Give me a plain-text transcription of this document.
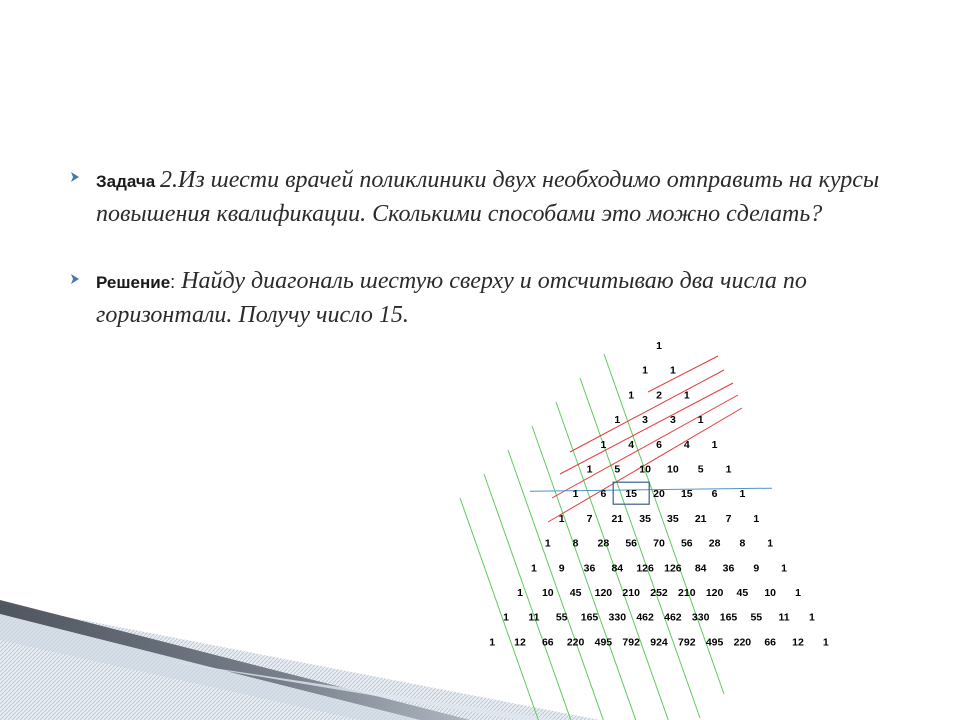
Задача 2.Из шести врачей поликлиники двух необходимо отправить на курсы повышения квалификации. Сколькими способами это можно сделать?
Решение: Найду диагональ шестую сверху и отсчитываю два числа по горизонтали. Получу число 15.
1
1 1
1 2 1
1 3 3 1
1 4 6 4 1
1 5 10 10 5 1
1 6 15 20 15 6 1
1 7 21 35 35 21 7 1
1 8 28 56 70 56 28 8 1
1 9 36 84 126 126 84 36 9 1
1 10 45 120 210 252 210 120 45 10 1
1 11 55 165 330 462 462 330 165 55 11 1
1 12 66 220 495 792 924 792 495 220 66 12 1
